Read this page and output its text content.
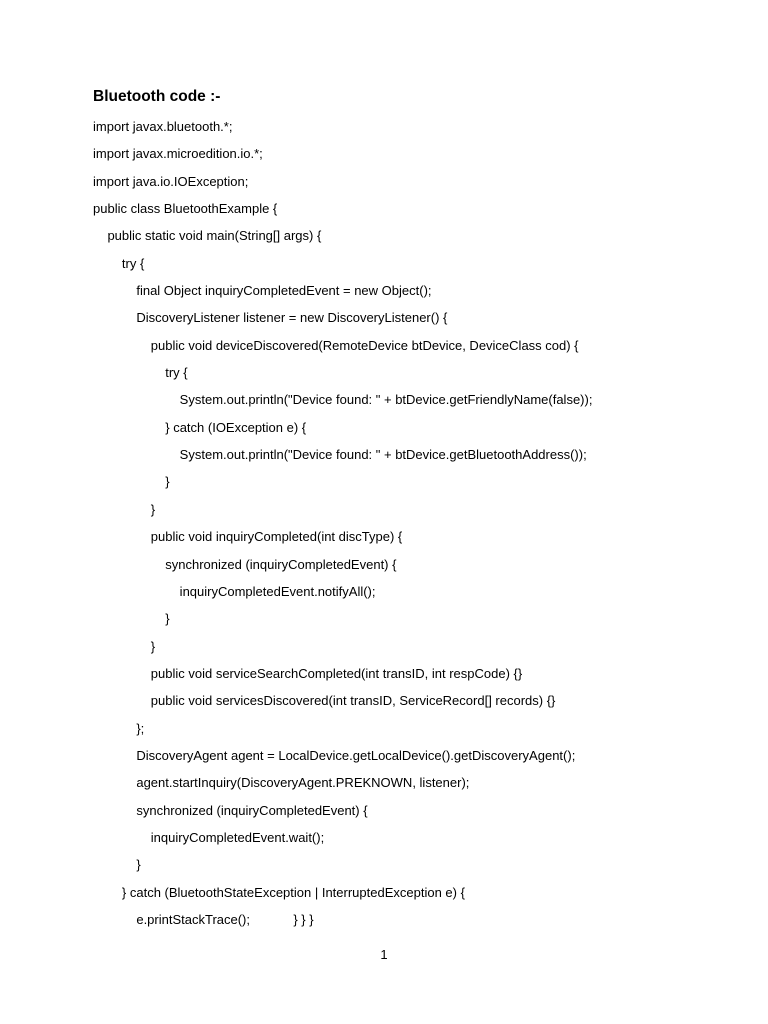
Bluetooth code :-
import javax.bluetooth.*;
import javax.microedition.io.*;
import java.io.IOException;
public class BluetoothExample {
public static void main(String[] args) {
try {
final Object inquiryCompletedEvent = new Object();
DiscoveryListener listener = new DiscoveryListener() {
public void deviceDiscovered(RemoteDevice btDevice, DeviceClass cod) {
try {
System.out.println("Device found: " + btDevice.getFriendlyName(false));
} catch (IOException e) {
System.out.println("Device found: " + btDevice.getBluetoothAddress());
}
}
public void inquiryCompleted(int discType) {
synchronized (inquiryCompletedEvent) {
inquiryCompletedEvent.notifyAll();
}
}
public void serviceSearchCompleted(int transID, int respCode) {}
public void servicesDiscovered(int transID, ServiceRecord[] records) {}
};
DiscoveryAgent agent = LocalDevice.getLocalDevice().getDiscoveryAgent();
agent.startInquiry(DiscoveryAgent.PREKNOWN, listener);
synchronized (inquiryCompletedEvent) {
inquiryCompletedEvent.wait();
}
} catch (BluetoothStateException | InterruptedException e) {
e.printStackTrace();            } } }
1
